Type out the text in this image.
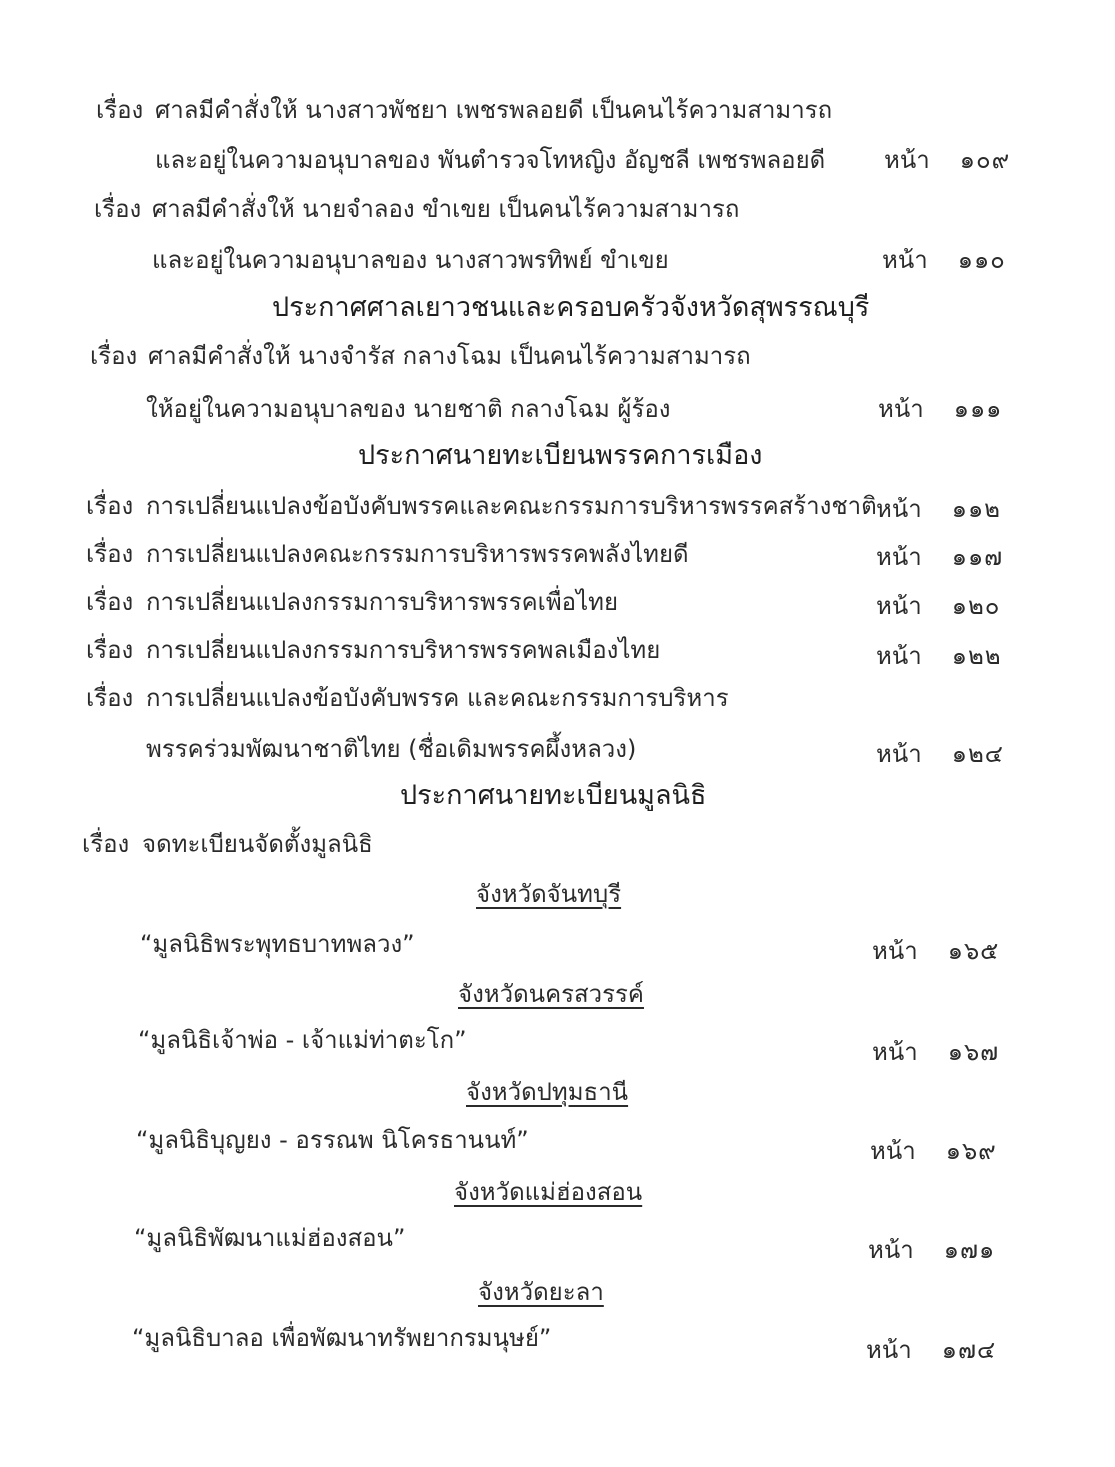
เรื่อง ศาลมีคำสั่งให้ นางสาวพัชยา เพชรพลอยดี เป็นคนไร้ความสามารถ
และอยู่ในความอนุบาลของ พันตำรวจโทหญิง อัญชลี เพชรพลอยดี หน้า ๑๐๙
เรื่อง ศาลมีคำสั่งให้ นายจำลอง ขำเขย เป็นคนไร้ความสามารถ
และอยู่ในความอนุบาลของ นางสาวพรทิพย์ ขำเขย	หน้า ๑๑๐
ประกาศศาลเยาวชนและครอบครัวจังหวัดสุพรรณบุรี
เรื่อง ศาลมีคำสั่งให้ นางจำรัส กลางโฉม เป็นคนไร้ความสามารถ
ให้อยู่ในความอนุบาลของ นายชาติ กลางโฉม ผู้ร้อง	หน้า ๑๑๑
ประกาศนายทะเบียนพรรคการเมือง
เรื่อง การเปลี่ยนแปลงข้อบังคับพรรคและคณะกรรมการบริหารพรรคสร้างชาติ หน้า ๑๑๒
เรื่อง การเปลี่ยนแปลงคณะกรรมการบริหารพรรคพลังไทยดี	หน้า ๑๑๗
เรื่อง การเปลี่ยนแปลงกรรมการบริหารพรรคเพื่อไทย	หน้า ๑๒๐
เรื่อง การเปลี่ยนแปลงกรรมการบริหารพรรคพลเมืองไทย	หน้า ๑๒๒
เรื่อง การเปลี่ยนแปลงข้อบังคับพรรค และคณะกรรมการบริหาร
พรรคร่วมพัฒนาชาติไทย (ชื่อเดิมพรรคผึ้งหลวง)	หน้า ๑๒๔
ประกาศนายทะเบียนมูลนิธิ
เรื่อง จดทะเบียนจัดตั้งมูลนิธิ
จังหวัดจันทบุรี
“มูลนิธิพระพุทธบาทพลวง”	หน้า ๑๖๕
จังหวัดนครสวรรค์
“มูลนิธิเจ้าพ่อ - เจ้าแม่ท่าตะโก”	หน้า ๑๖๗
จังหวัดปทุมธานี
“มูลนิธิบุญยง - อรรณพ นิโครธานนท์”	หน้า ๑๖๙
จังหวัดแม่ฮ่องสอน
“มูลนิธิพัฒนาแม่ฮ่องสอน”	หน้า ๑๗๑
จังหวัดยะลา
“มูลนิธิบาลอ เพื่อพัฒนาทรัพยากรมนุษย์”	หน้า ๑๗๔
